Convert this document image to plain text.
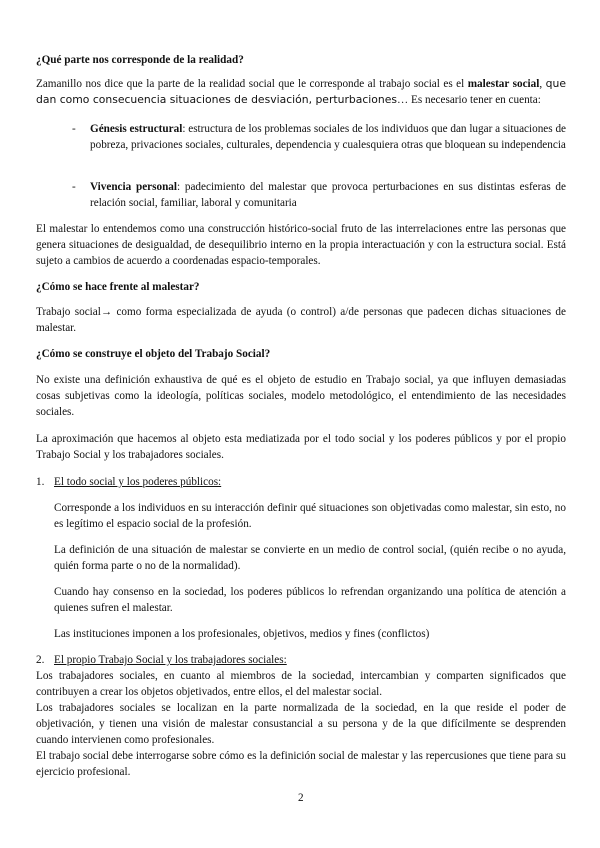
¿Qué parte nos corresponde de la realidad?

Zamanillo nos dice que la parte de la realidad social que le corresponde al trabajo social es el malestar social, que dan como consecuencia situaciones de desviación, perturbaciones… Es necesario tener en cuenta:

- Génesis estructural: estructura de los problemas sociales de los individuos que dan lugar a situaciones de pobreza, privaciones sociales, culturales, dependencia y cualesquiera otras que bloquean su independencia
- Vivencia personal: padecimiento del malestar que provoca perturbaciones en sus distintas esferas de relación social, familiar, laboral y comunitaria

El malestar lo entendemos como una construcción histórico-social fruto de las interrelaciones entre las personas que genera situaciones de desigualdad, de desequilibrio interno en la propia interactuación y con la estructura social. Está sujeto a cambios de acuerdo a coordenadas espacio-temporales.

¿Cómo se hace frente al malestar?

Trabajo social→ como forma especializada de ayuda (o control) a/de personas que padecen dichas situaciones de malestar.

¿Cómo se construye el objeto del Trabajo Social?

No existe una definición exhaustiva de qué es el objeto de estudio en Trabajo social, ya que influyen demasiadas cosas subjetivas como la ideología, políticas sociales, modelo metodológico, el entendimiento de las necesidades sociales.

La aproximación que hacemos al objeto esta mediatizada por el todo social y los poderes públicos y por el propio Trabajo Social y los trabajadores sociales.

1. El todo social y los poderes públicos:

Corresponde a los individuos en su interacción definir qué situaciones son objetivadas como malestar, sin esto, no es legítimo el espacio social de la profesión.

La definición de una situación de malestar se convierte en un medio de control social, (quién recibe o no ayuda, quién forma parte o no de la normalidad).

Cuando hay consenso en la sociedad, los poderes públicos lo refrendan organizando una política de atención a quienes sufren el malestar.

Las instituciones imponen a los profesionales, objetivos, medios y fines (conflictos)

2. El propio Trabajo Social y los trabajadores sociales:

Los trabajadores sociales, en cuanto al miembros de la sociedad, intercambian y comparten significados que contribuyen a crear los objetos objetivados, entre ellos, el del malestar social.

Los trabajadores sociales se localizan en la parte normalizada de la sociedad, en la que reside el poder de objetivación, y tienen una visión de malestar consustancial a su persona y de la que difícilmente se desprenden cuando intervienen como profesionales.

El trabajo social debe interrogarse sobre cómo es la definición social de malestar y las repercusiones que tiene para su ejercicio profesional.

2
